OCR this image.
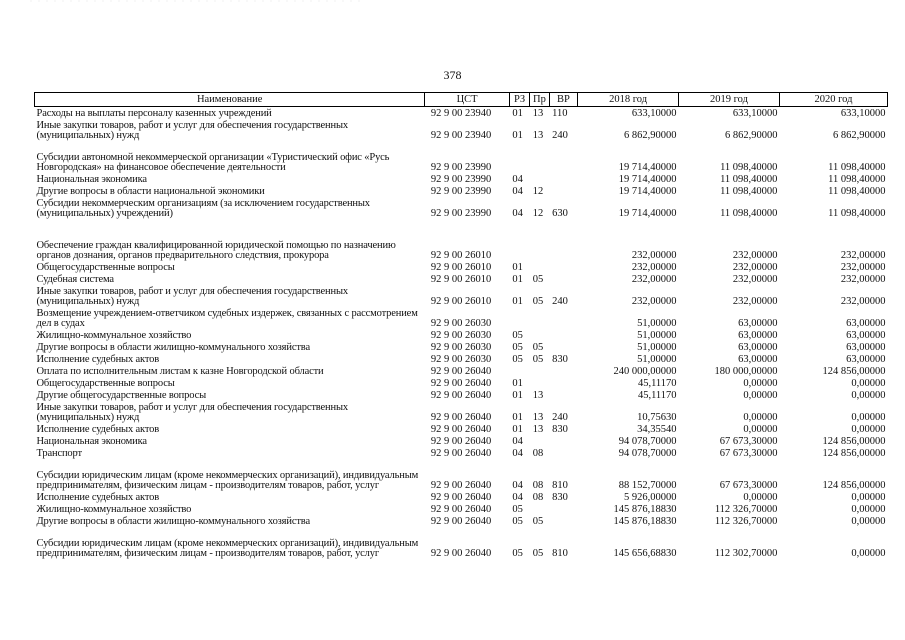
378
Наименование	ЦСТ	РЗ	Пр	ВР	2018 год	2019 год	2020 год
Расходы на выплаты персоналу казенных учреждений	92 9 00 23940	01	13	110	633,10000	633,10000	633,10000
Иные закупки товаров, работ и услуг для обеспечения государственных (муниципальных) нужд	92 9 00 23940	01	13	240	6 862,90000	6 862,90000	6 862,90000
Субсидии автономной некоммерческой организации «Туристический офис «Русь Новгородская» на финансовое обеспечение деятельности	92 9 00 23990				19 714,40000	11 098,40000	11 098,40000
Национальная экономика	92 9 00 23990	04			19 714,40000	11 098,40000	11 098,40000
Другие вопросы в области национальной экономики	92 9 00 23990	04	12		19 714,40000	11 098,40000	11 098,40000
Субсидии некоммерческим организациям (за исключением государственных (муниципальных) учреждений)	92 9 00 23990	04	12	630	19 714,40000	11 098,40000	11 098,40000
Обеспечение граждан квалифицированной юридической помощью по назначению органов дознания, органов предварительного следствия, прокурора	92 9 00 26010				232,00000	232,00000	232,00000
Общегосударственные вопросы	92 9 00 26010	01			232,00000	232,00000	232,00000
Судебная система	92 9 00 26010	01	05		232,00000	232,00000	232,00000
Иные закупки товаров, работ и услуг для обеспечения государственных (муниципальных) нужд	92 9 00 26010	01	05	240	232,00000	232,00000	232,00000
Возмещение учреждением-ответчиком судебных издержек, связанных с рассмотрением дел в судах	92 9 00 26030				51,00000	63,00000	63,00000
Жилищно-коммунальное хозяйство	92 9 00 26030	05			51,00000	63,00000	63,00000
Другие вопросы в области жилищно-коммунального хозяйства	92 9 00 26030	05	05		51,00000	63,00000	63,00000
Исполнение судебных актов	92 9 00 26030	05	05	830	51,00000	63,00000	63,00000
Оплата по исполнительным листам к казне Новгородской области	92 9 00 26040				240 000,00000	180 000,00000	124 856,00000
Общегосударственные вопросы	92 9 00 26040	01			45,11170	0,00000	0,00000
Другие общегосударственные вопросы	92 9 00 26040	01	13		45,11170	0,00000	0,00000
Иные закупки товаров, работ и услуг для обеспечения государственных (муниципальных) нужд	92 9 00 26040	01	13	240	10,75630	0,00000	0,00000
Исполнение судебных актов	92 9 00 26040	01	13	830	34,35540	0,00000	0,00000
Национальная экономика	92 9 00 26040	04			94 078,70000	67 673,30000	124 856,00000
Транспорт	92 9 00 26040	04	08		94 078,70000	67 673,30000	124 856,00000
Субсидии юридическим лицам (кроме некоммерческих организаций), индивидуальным предпринимателям, физическим лицам - производителям товаров, работ, услуг	92 9 00 26040	04	08	810	88 152,70000	67 673,30000	124 856,00000
Исполнение судебных актов	92 9 00 26040	04	08	830	5 926,00000	0,00000	0,00000
Жилищно-коммунальное хозяйство	92 9 00 26040	05			145 876,18830	112 326,70000	0,00000
Другие вопросы в области жилищно-коммунального хозяйства	92 9 00 26040	05	05		145 876,18830	112 326,70000	0,00000
Субсидии юридическим лицам (кроме некоммерческих организаций), индивидуальным предпринимателям, физическим лицам - производителям товаров, работ, услуг	92 9 00 26040	05	05	810	145 656,68830	112 302,70000	0,00000
